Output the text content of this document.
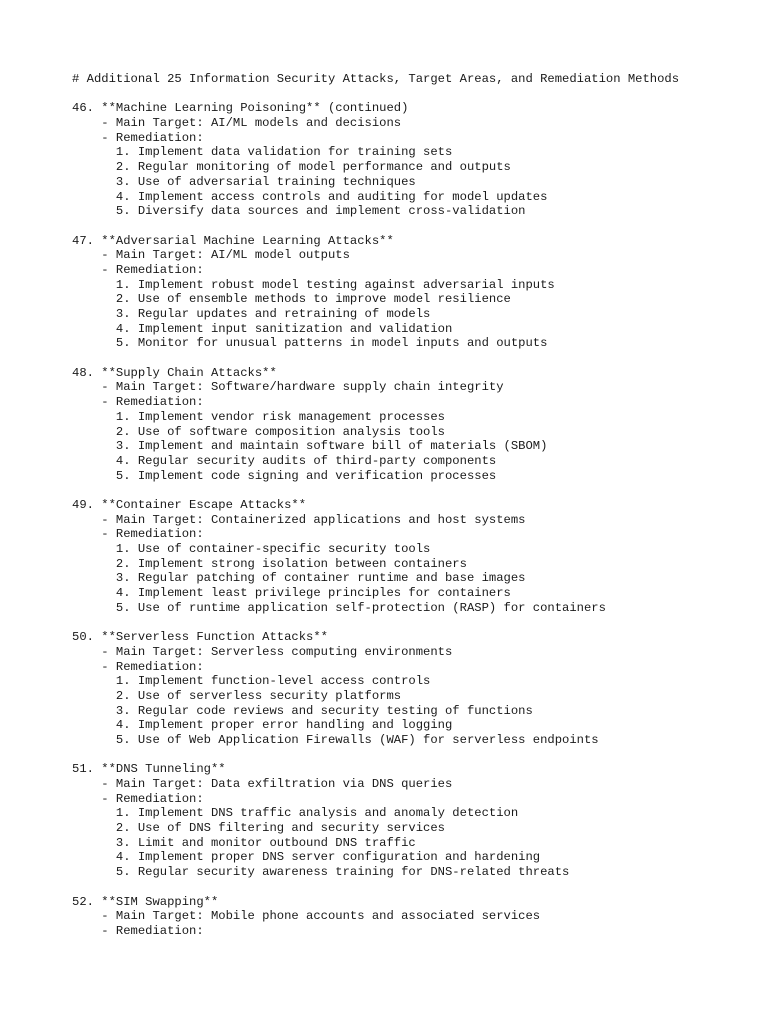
# Additional 25 Information Security Attacks, Target Areas, and Remediation Methods
46. **Machine Learning Poisoning** (continued)
- Main Target: AI/ML models and decisions
- Remediation:
1. Implement data validation for training sets
2. Regular monitoring of model performance and outputs
3. Use of adversarial training techniques
4. Implement access controls and auditing for model updates
5. Diversify data sources and implement cross-validation
47. **Adversarial Machine Learning Attacks**
- Main Target: AI/ML model outputs
- Remediation:
1. Implement robust model testing against adversarial inputs
2. Use of ensemble methods to improve model resilience
3. Regular updates and retraining of models
4. Implement input sanitization and validation
5. Monitor for unusual patterns in model inputs and outputs
48. **Supply Chain Attacks**
- Main Target: Software/hardware supply chain integrity
- Remediation:
1. Implement vendor risk management processes
2. Use of software composition analysis tools
3. Implement and maintain software bill of materials (SBOM)
4. Regular security audits of third-party components
5. Implement code signing and verification processes
49. **Container Escape Attacks**
- Main Target: Containerized applications and host systems
- Remediation:
1. Use of container-specific security tools
2. Implement strong isolation between containers
3. Regular patching of container runtime and base images
4. Implement least privilege principles for containers
5. Use of runtime application self-protection (RASP) for containers
50. **Serverless Function Attacks**
- Main Target: Serverless computing environments
- Remediation:
1. Implement function-level access controls
2. Use of serverless security platforms
3. Regular code reviews and security testing of functions
4. Implement proper error handling and logging
5. Use of Web Application Firewalls (WAF) for serverless endpoints
51. **DNS Tunneling**
- Main Target: Data exfiltration via DNS queries
- Remediation:
1. Implement DNS traffic analysis and anomaly detection
2. Use of DNS filtering and security services
3. Limit and monitor outbound DNS traffic
4. Implement proper DNS server configuration and hardening
5. Regular security awareness training for DNS-related threats
52. **SIM Swapping**
- Main Target: Mobile phone accounts and associated services
- Remediation:
